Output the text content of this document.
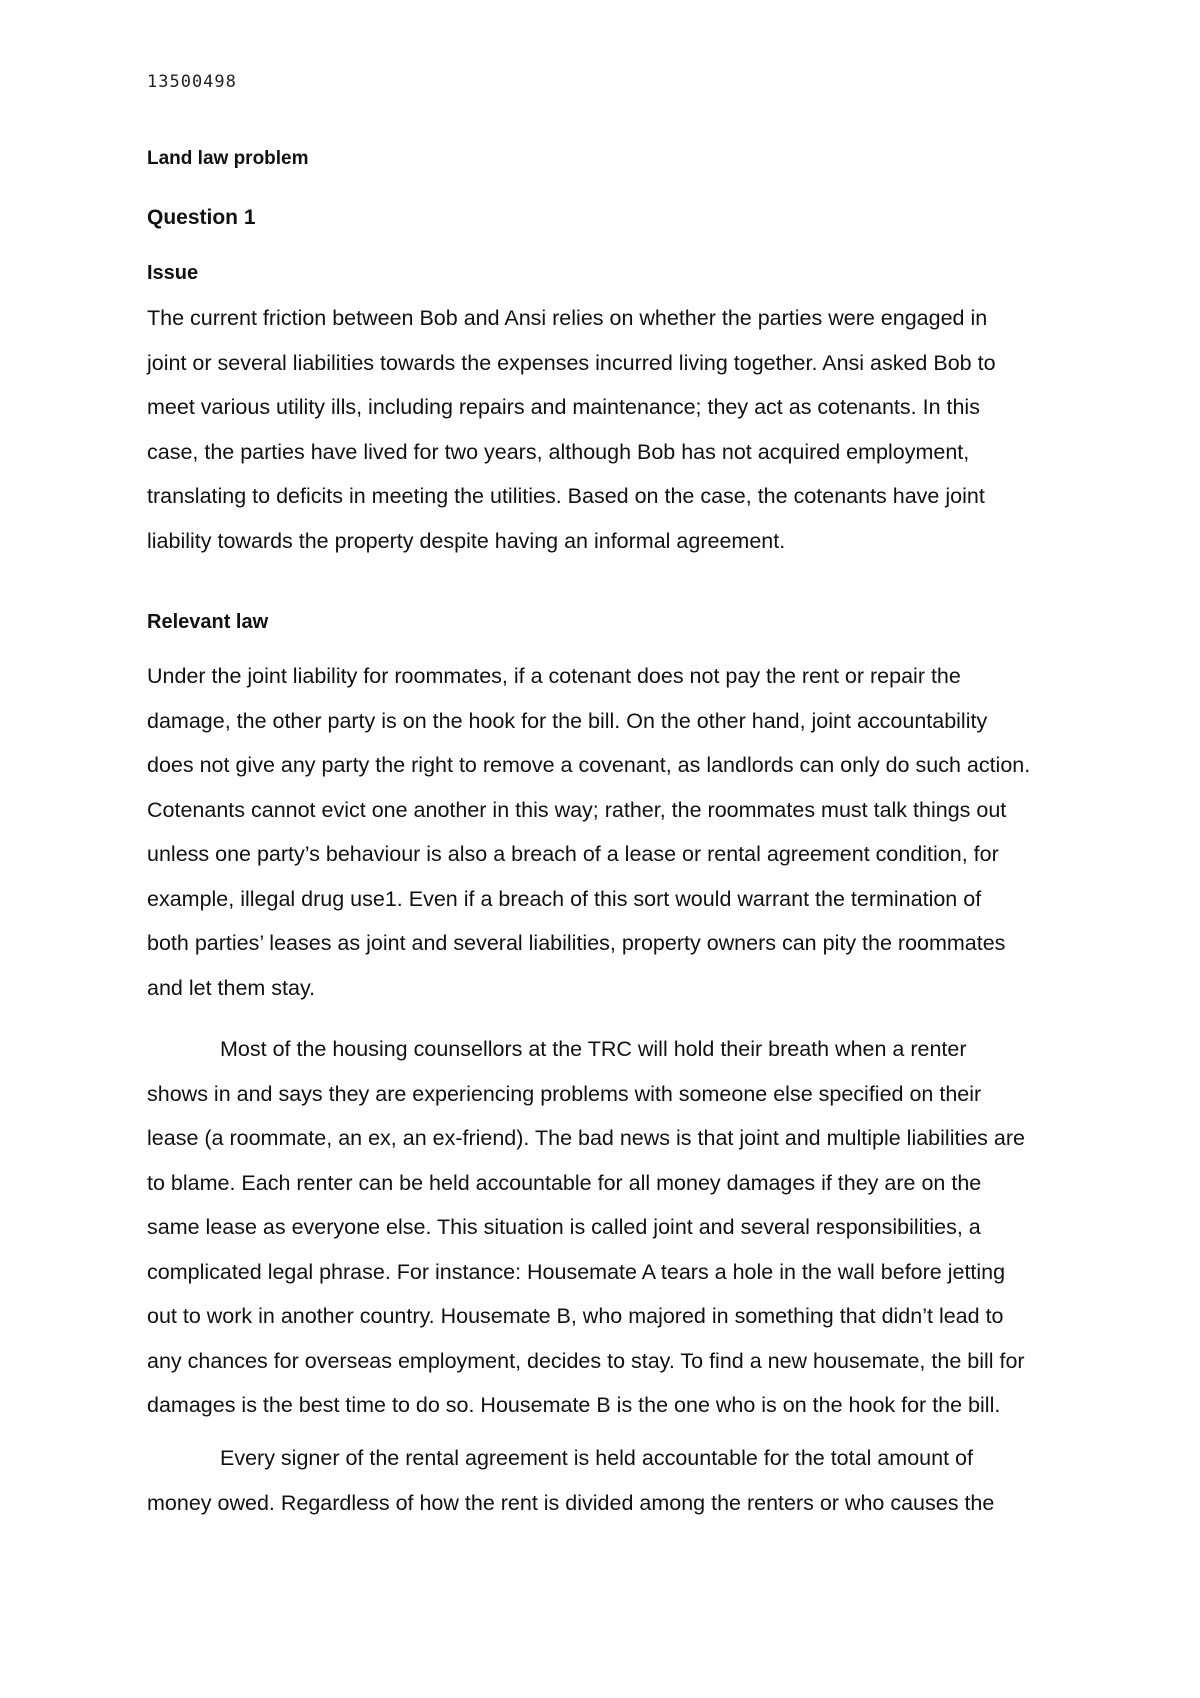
13500498

Land law problem

Question 1
Issue

The current friction between Bob and Ansi relies on whether the parties were engaged in
joint or several liabilities towards the expenses incurred living together. Ansi asked Bob to
meet various utility ills, including repairs and maintenance; they act as cotenants. In this
case, the parties have lived for two years, although Bob has not acquired employment,
translating to deficits in meeting the utilities. Based on the case, the cotenants have joint
liability towards the property despite having an informal agreement.

Relevant law

Under the joint liability for roommates, if a cotenant does not pay the rent or repair the
damage, the other party is on the hook for the bill. On the other hand, joint accountability
does not give any party the right to remove a covenant, as landlords can only do such action.
Cotenants cannot evict one another in this way; rather, the roommates must talk things out
unless one party’s behaviour is also a breach of a lease or rental agreement condition, for
example, illegal drug use1. Even if a breach of this sort would warrant the termination of
both parties’ leases as joint and several liabilities, property owners can pity the roommates
and let them stay.

Most of the housing counsellors at the TRC will hold their breath when a renter
shows in and says they are experiencing problems with someone else specified on their
lease (a roommate, an ex, an ex-friend). The bad news is that joint and multiple liabilities are
to blame. Each renter can be held accountable for all money damages if they are on the
same lease as everyone else. This situation is called joint and several responsibilities, a
complicated legal phrase. For instance: Housemate A tears a hole in the wall before jetting
out to work in another country. Housemate B, who majored in something that didn’t lead to
any chances for overseas employment, decides to stay. To find a new housemate, the bill for
damages is the best time to do so. Housemate B is the one who is on the hook for the bill.

Every signer of the rental agreement is held accountable for the total amount of
money owed. Regardless of how the rent is divided among the renters or who causes the
